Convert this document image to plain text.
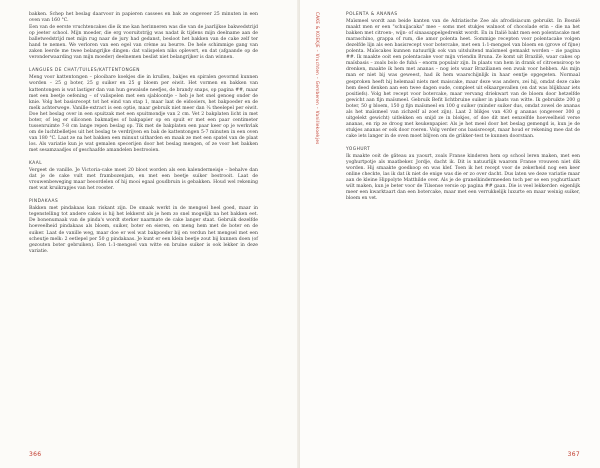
bakken. Schep het beslag daarvoor in papieren cassees en bak ze ongeveer 25 minuten in een oven van 160 °C.

Een van de eerste vruchtencakes die ik me kan herinneren was die van de jaarlijkse bakwedstrijd op jeeter school. Mijn moeder, die erg vooruitstrijg was nadat ik tijdens mijn deelname aan de balletwedstrijd met mijn rug naar de jury had gedanst, besloot het bakken van de cake zelf ter hand te nemen. We verloren van een egel van crème au beurre. De hele schimmige gang van zaken leerde me twee belangrijke dingen: dat valispelen niks oplevert, en dat (afgaande op de veronderwaarding van mijn moeder) deelnemen beslist niet belangrijker is dan winnen.

LANGUES DE CHAT/TUILES/KATTENTONGEN

Meng voor kattentongen – plooibare koekjes die in krullen, bakjes en spiralen gevormd kunnen worden – 25 g boter, 25 g suiker en 25 g bloem per eiwit. Het vormen en bakken van kattentongen is wat lastiger dan van hun gewalsde neefjes, de brandy snaps, op pagina ##, maar met een beetje oefening – of valispelen met een sjabloontje – heb je het snel genoeg onder de knie. Volg het basisrecept tot het eind van stap 1, maar laat de eidooiers, het bakpoeder en de melk achterwege. Vanille-extract is een optie, maar gebruik niet meer dan ¼ theelepel per eiwit. Doe het beslag over in een spuitzak met een spuitmondje van 2 cm. Vet 2 bakplaten licht in met boter, of leg er siliconen bakmatjes of bakpapier op en spuit er met een paar centimeter tussenruimte 7-8 cm lange repen beslag op. Tik met de bakplaten een paar keer op je werkvlak om de luchtbelletjes uit het beslag te verdrijven en bak de kattentongen 5-7 minuten in een oven van 180 °C. Laat ze na het bakken een minuut uitharden en maak ze met een spatel van de plaat los. Als variatie kun je wat gemalen specerijen door het beslag mengen, of ze voor het bakken met sesamzaadjes of geschaafde amandelen bestrooien.

KAAL

Vergeet de vanille. Je Victoria-cake moet 20 bloot worden als een kalendermeisje – behalve dan dat je de cake vult met frambozenjam, en met een beetje suiker bestrooit. Laat de vrouwenbeweging maar beoordelen of hij mooi egaal goudbruin is gebakken. Houd wel rekening met wat kruikrapjes van het rooster.

PINDAKAAS

Bakken met pindakaas kan riskant zijn. De smaak werkt in de mengsel heel goed, maar in tegenstelling tot andere cakes is hij het lekkerst als je hem zo snel mogelijk na het bakken eet. De bonenumaak van de pinda's wordt sterker naarmate de cake langer staat. Gebruik dezelfde hoeveelheid pindakaas als bloem, suiker, boter en eieren, en meng hem met de boter en de suiker. Laat de vanille weg, maar doe er wel wat bakpoeder bij en verdun het mengsel met een scheutje melk: 2 eetlepel per 50 g pindakaas. Je kunt er een klein beetje zout bij kunnen doen (of gezouten boter gebruiken). Een 1:1-mengsel van witte en bruine suiker is ook lekker in deze variatie.

366
CAKE & KOEKJE – Vruchten – Gemberen – Vanillekoekjes	POLENTA & ANANAS

Maïsmeel wordt aan beide kanten van de Adriatische Zee als afrodisiacum gebruikt. In Bosnië maakt men er een "schuijacaka" mee – soms met stukjes walnoot of chocolade erin – die na het bakken met citroen-, wijn- of sinaasappelgedrenkt wordt. En in Italië bakt men een polentacake met maraschino, grappa of rum, die amor polenta heet. Sommige recepten voor polentacake volgen dezelfde lijn als een basisrecept voor botercake, met een 1:1-mengsel van bloem en (grove of fijne) polenta. Maïscakes kunnen natuurlijk ook van uitsluitend maïsmeel gemaakt worden – zie pagina ##. Ik maakte ooit een polentacake voor mijn vriendin Bruna. Ze komt uit Brazilië, waar cakes op maïsbasis – zoals bolo de fubá – enorm populair zijn. In plaats van hem in drank of citroensiroop te drenken, maakte ik hem met ananas – nog iets waar Brazilianen een zwak voor hebben. Als mijn man er niet bij was geweest, had ik hem waarschijnlijk in haar eentje opgegeten. Normaal gesproken heeft hij helemaal niets met maiscake, maar deze was anders, zei hij, omdat deze cake hem deed denken aan een twee dagen oude, compleet uit elkaargevallen (en dat was blijkbaar iets positiefs). Volg het recept voor botercake, maar vervang driekwart van de bloem door hetzelfde gewicht aan fijn maïsmeel. Gebruik Befit lichtbruine suiker in plaats van witte. Ik gebruikte 200 g boter, 50 g bloem, 150 g fijn maïsmeel en 100 g suiker (minder suiker dus, omdat zowel de ananas als het maïsmeel van zichzelf al zoet zijn). Laat 2 blikjes van 430 g ananas (ongeveer 300 g uitgelekt gewicht) uitlekken en snijd ze in blokjes, of doe dit met eenzelfde hoeveelheid verse ananas, en rip ze droog met keukenpapier. Als je het meel door het beslag gemengd is, kun je de stukjes ananas er ook door roeren. Volg verder ons basisrecept, maar houd er rekening mee dat de cake iets langer in de oven moet blijven om de grikker-test te kunnen doorstaan.

YOGHURT

Ik maakte ooit de gâteau au yaourt, zoals Franse kinderen hem op school leren maken, met een yoghurtpotje als maatbeker. Jordje, dacht ik. Dit is natuurlijk waarom Franse vrouwen niet dik worden. Hij smaakte goedkoop en was klef. Toen ik het recept voor de zekerheid nog een keer online checkte, las ik dat ik niet de enige was die er zo over dacht. Dus laten we deze variatie maar aan de kleine Hippolyte Matthilde over. Als je de granelkindermeeden toch per se een yoghurtlaart wilt maken, kun je beter voor de Tilsense versie op pagina ## gaan. Die is veel lekkerder: eigenlijk meer een kwarktaart dan een botercake, maar met een verrukkelijk luxurte en maar weinig suiker, bloem en vet.

367
